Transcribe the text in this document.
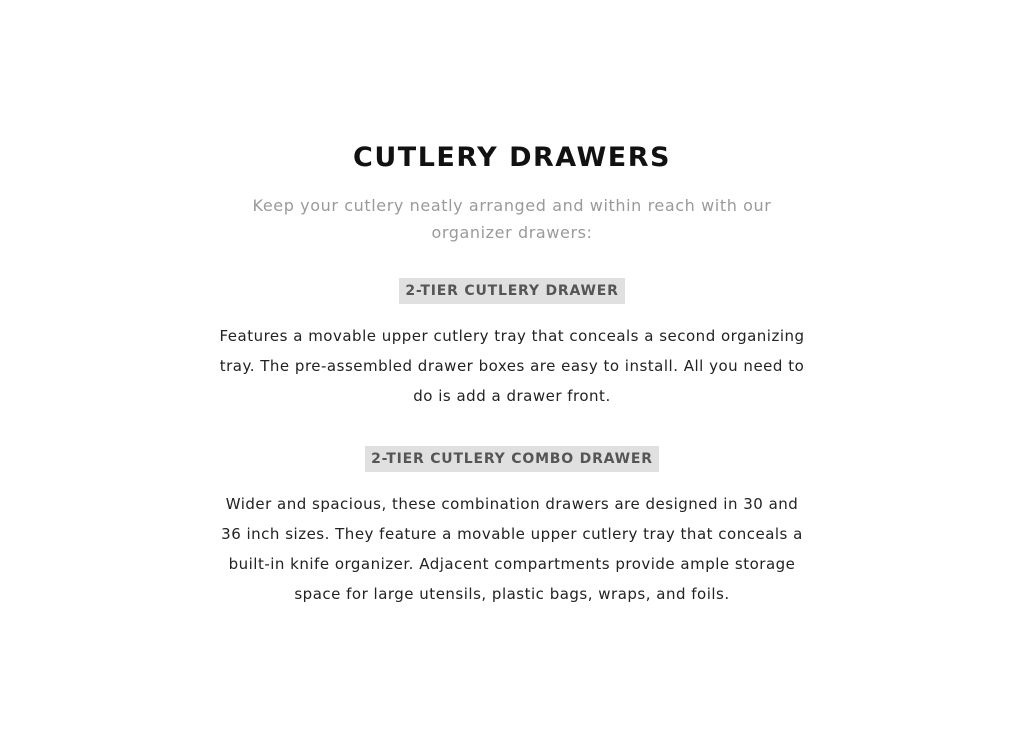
CUTLERY DRAWERS
Keep your cutlery neatly arranged and within reach with our organizer drawers:
2-TIER CUTLERY DRAWER

Features a movable upper cutlery tray that conceals a second organizing tray. The pre-assembled drawer boxes are easy to install. All you need to do is add a drawer front.

2-TIER CUTLERY COMBO DRAWER

Wider and spacious, these combination drawers are designed in 30 and 36 inch sizes. They feature a movable upper cutlery tray that conceals a built-in knife organizer. Adjacent compartments provide ample storage space for large utensils, plastic bags, wraps, and foils.
